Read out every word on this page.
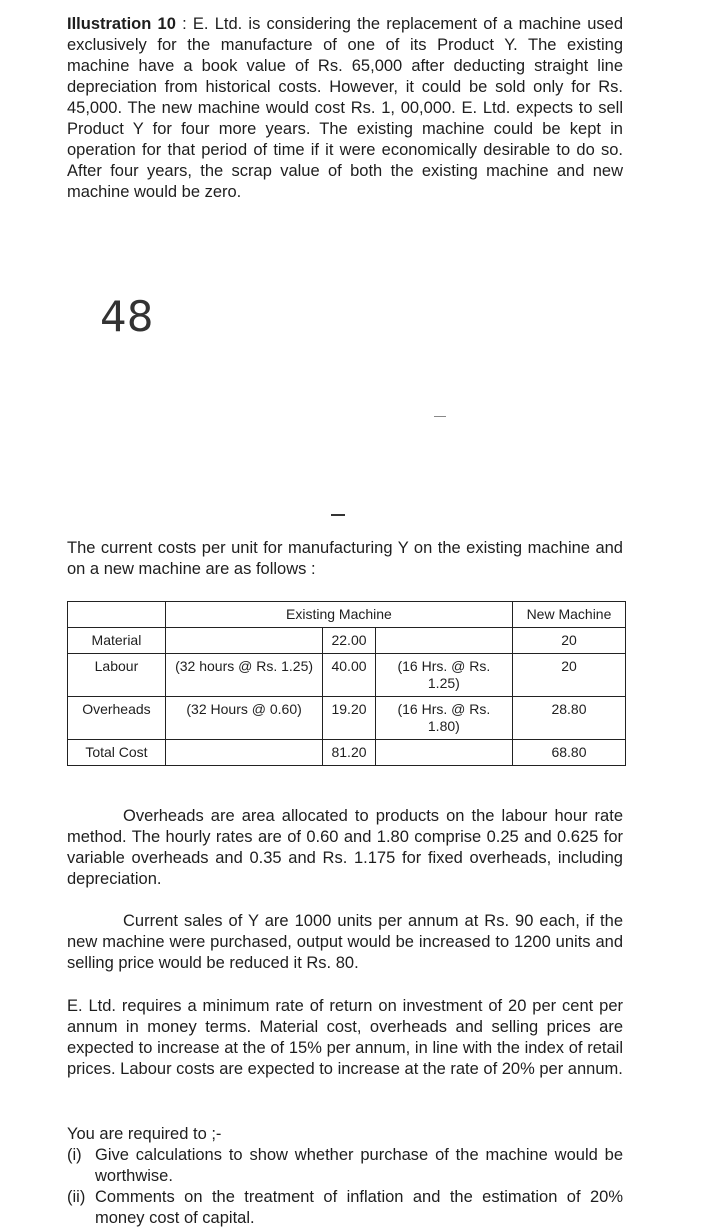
Illustration 10 : E. Ltd. is considering the replacement of a machine used exclusively for the manufacture of one of its Product Y. The existing machine have a book value of Rs. 65,000 after deducting straight line depreciation from historical costs. However, it could be sold only for Rs. 45,000. The new machine would cost Rs. 1, 00,000. E. Ltd. expects to sell Product Y for four more years. The existing machine could be kept in operation for that period of time if it were economically desirable to do so. After four years, the scrap value of both the existing machine and new machine would be zero.

48

The current costs per unit for manufacturing Y on the existing machine and on a new machine are as follows :

	Existing Machine			New Machine
Material		22.00		20
Labour	(32 hours @ Rs. 1.25)	40.00	(16 Hrs. @ Rs. 1.25)	20
Overheads	(32 Hours @ 0.60)	19.20	(16 Hrs. @ Rs. 1.80)	28.80
Total Cost		81.20		68.80

Overheads are area allocated to products on the labour hour rate method. The hourly rates are of 0.60 and 1.80 comprise 0.25 and 0.625 for variable overheads and 0.35 and Rs. 1.175 for fixed overheads, including depreciation.

Current sales of Y are 1000 units per annum at Rs. 90 each, if the new machine were purchased, output would be increased to 1200 units and selling price would be reduced it Rs. 80.

E. Ltd. requires a minimum rate of return on investment of 20 per cent per annum in money terms. Material cost, overheads and selling prices are expected to increase at the of 15% per annum, in line with the index of retail prices. Labour costs are expected to increase at the rate of 20% per annum.

You are required to ;-
(i) Give calculations to show whether purchase of the machine would be worthwise.
(ii) Comments on the treatment of inflation and the estimation of 20% money cost of capital.
